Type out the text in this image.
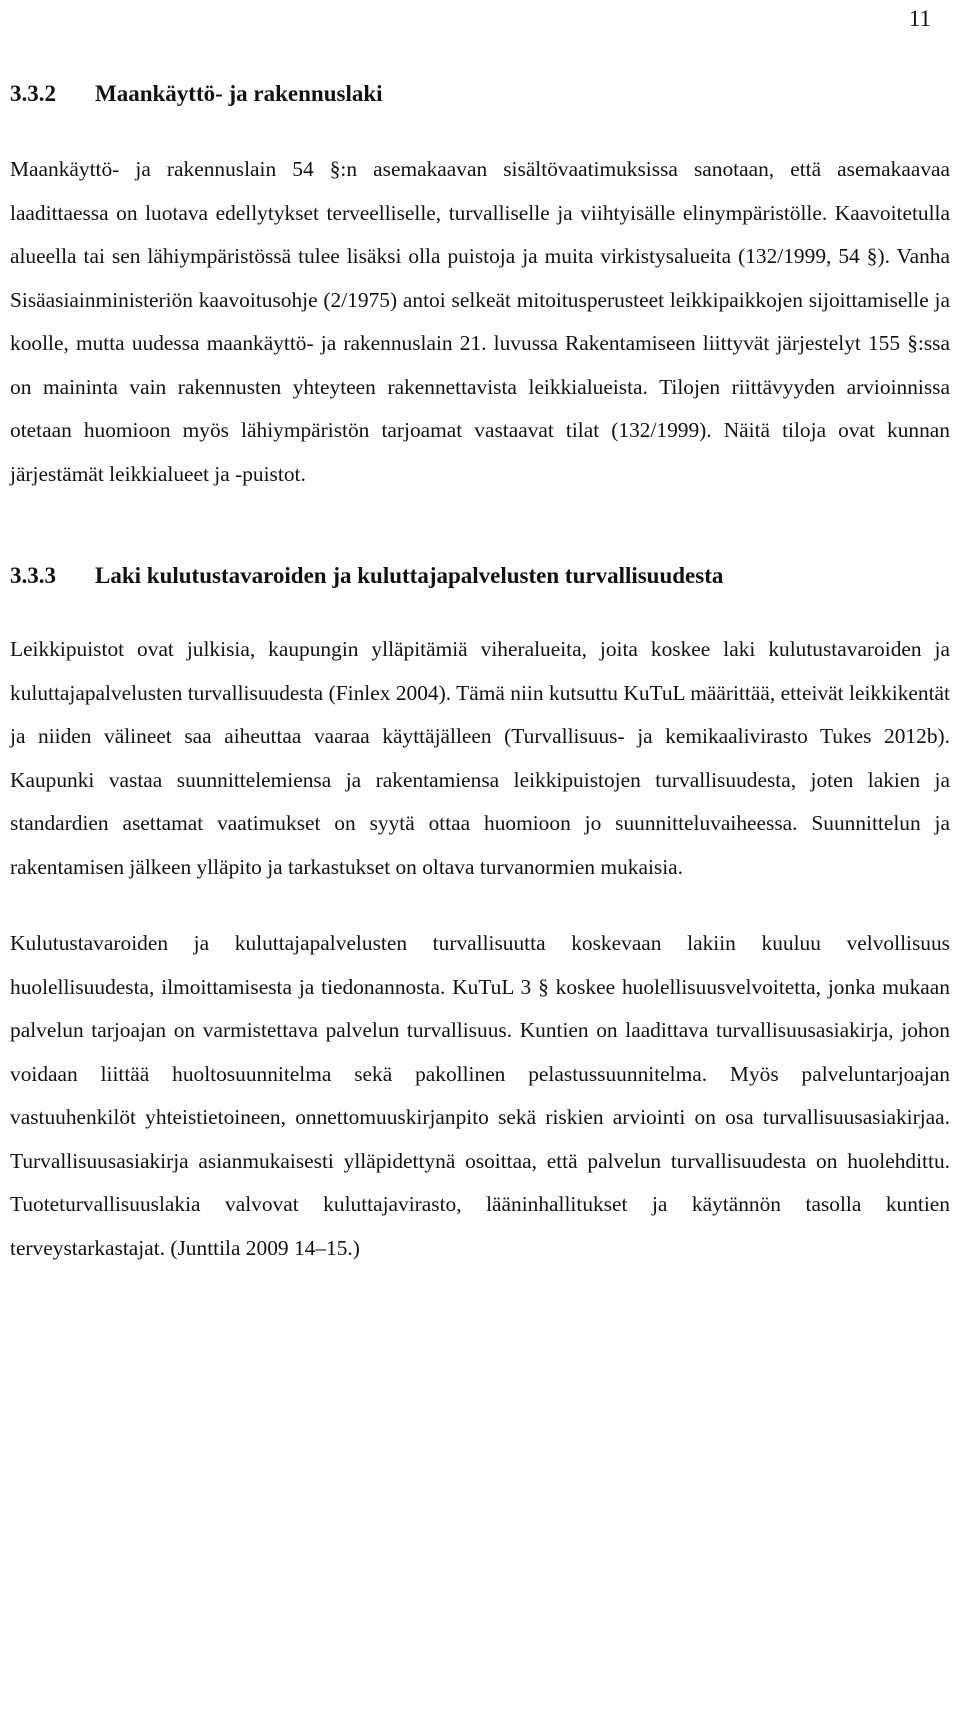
11
3.3.2 Maankäyttö- ja rakennuslaki

Maankäyttö- ja rakennuslain 54 §:n asemakaavan sisältövaatimuksissa sanotaan, että asemakaavaa laadittaessa on luotava edellytykset terveelliselle, turvalliselle ja viihtyisälle elinympäristölle. Kaavoitetulla alueella tai sen lähiympäristössä tulee lisäksi olla puistoja ja muita virkistysalueita (132/1999, 54 §). Vanha Sisäasiainministeriön kaavoitusohje (2/1975) antoi selkeät mitoitusperusteet leikkipaikkojen sijoittamiselle ja koolle, mutta uudessa maankäyttö- ja rakennuslain 21. luvussa Rakentamiseen liittyvät järjestelyt 155 §:ssa on maininta vain rakennusten yhteyteen rakennettavista leikkialueista. Tilojen riittävyyden arvioinnissa otetaan huomioon myös lähiympäristön tarjoamat vastaavat tilat (132/1999). Näitä tiloja ovat kunnan järjestämät leikkialueet ja -puistot.

3.3.3 Laki kulutustavaroiden ja kuluttajapalvelusten turvallisuudesta

Leikkipuistot ovat julkisia, kaupungin ylläpitämiä viheralueita, joita koskee laki kulutustavaroiden ja kuluttajapalvelusten turvallisuudesta (Finlex 2004). Tämä niin kutsuttu KuTuL määrittää, etteivät leikkikentät ja niiden välineet saa aiheuttaa vaaraa käyttäjälleen (Turvallisuus- ja kemikaalivirasto Tukes 2012b). Kaupunki vastaa suunnittelemiensa ja rakentamiensa leikkipuistojen turvallisuudesta, joten lakien ja standardien asettamat vaatimukset on syytä ottaa huomioon jo suunnitteluvaiheessa. Suunnittelun ja rakentamisen jälkeen ylläpito ja tarkastukset on oltava turvanormien mukaisia.

Kulutustavaroiden ja kuluttajapalvelusten turvallisuutta koskevaan lakiin kuuluu velvollisuus huolellisuudesta, ilmoittamisesta ja tiedonannosta. KuTuL 3 § koskee huolellisuusvelvoitetta, jonka mukaan palvelun tarjoajan on varmistettava palvelun turvallisuus. Kuntien on laadittava turvallisuusasiakirja, johon voidaan liittää huoltosuunnitelma sekä pakollinen pelastussuunnitelma. Myös palveluntarjoajan vastuuhenkilöt yhteistietoineen, onnettomuuskirjanpito sekä riskien arviointi on osa turvallisuusasiakirjaa. Turvallisuusasiakirja asianmukaisesti ylläpidettynä osoittaa, että palvelun turvallisuudesta on huolehdittu. Tuoteturvallisuuslakia valvovat kuluttajavirasto, lääninhallitukset ja käytännön tasolla kuntien terveystarkastajat. (Junttila 2009 14–15.)
